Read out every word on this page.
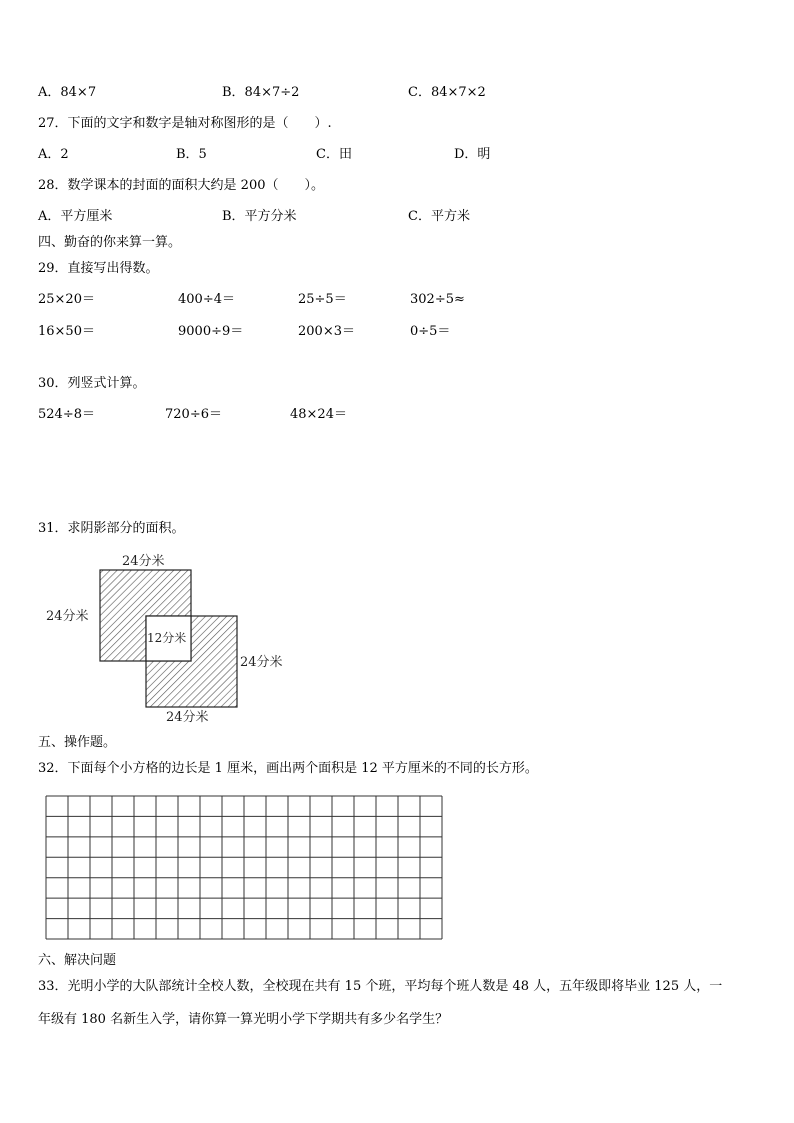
A．84×7	B．84×7÷2	C．84×7×2
27．下面的文字和数字是轴对称图形的是（　　）.
A．2	B．5	C．田	D．明
28．数学课本的封面的面积大约是 200（　　）。
A．平方厘米	B．平方分米	C．平方米
四、勤奋的你来算一算。
29．直接写出得数。
25×20＝	400÷4＝	25÷5＝	302÷5≈
16×50＝	9000÷9＝	200×3＝	0÷5＝
30．列竖式计算。
524÷8＝	720÷6＝	48×24＝
31．求阴影部分的面积。
24分米
24分米
12分米
24分米
24分米
五、操作题。
32．下面每个小方格的边长是 1 厘米，画出两个面积是 12 平方厘米的不同的长方形。
六、解决问题
33．光明小学的大队部统计全校人数，全校现在共有 15 个班，平均每个班人数是 48 人，五年级即将毕业 125 人，一
年级有 180 名新生入学，请你算一算光明小学下学期共有多少名学生？
